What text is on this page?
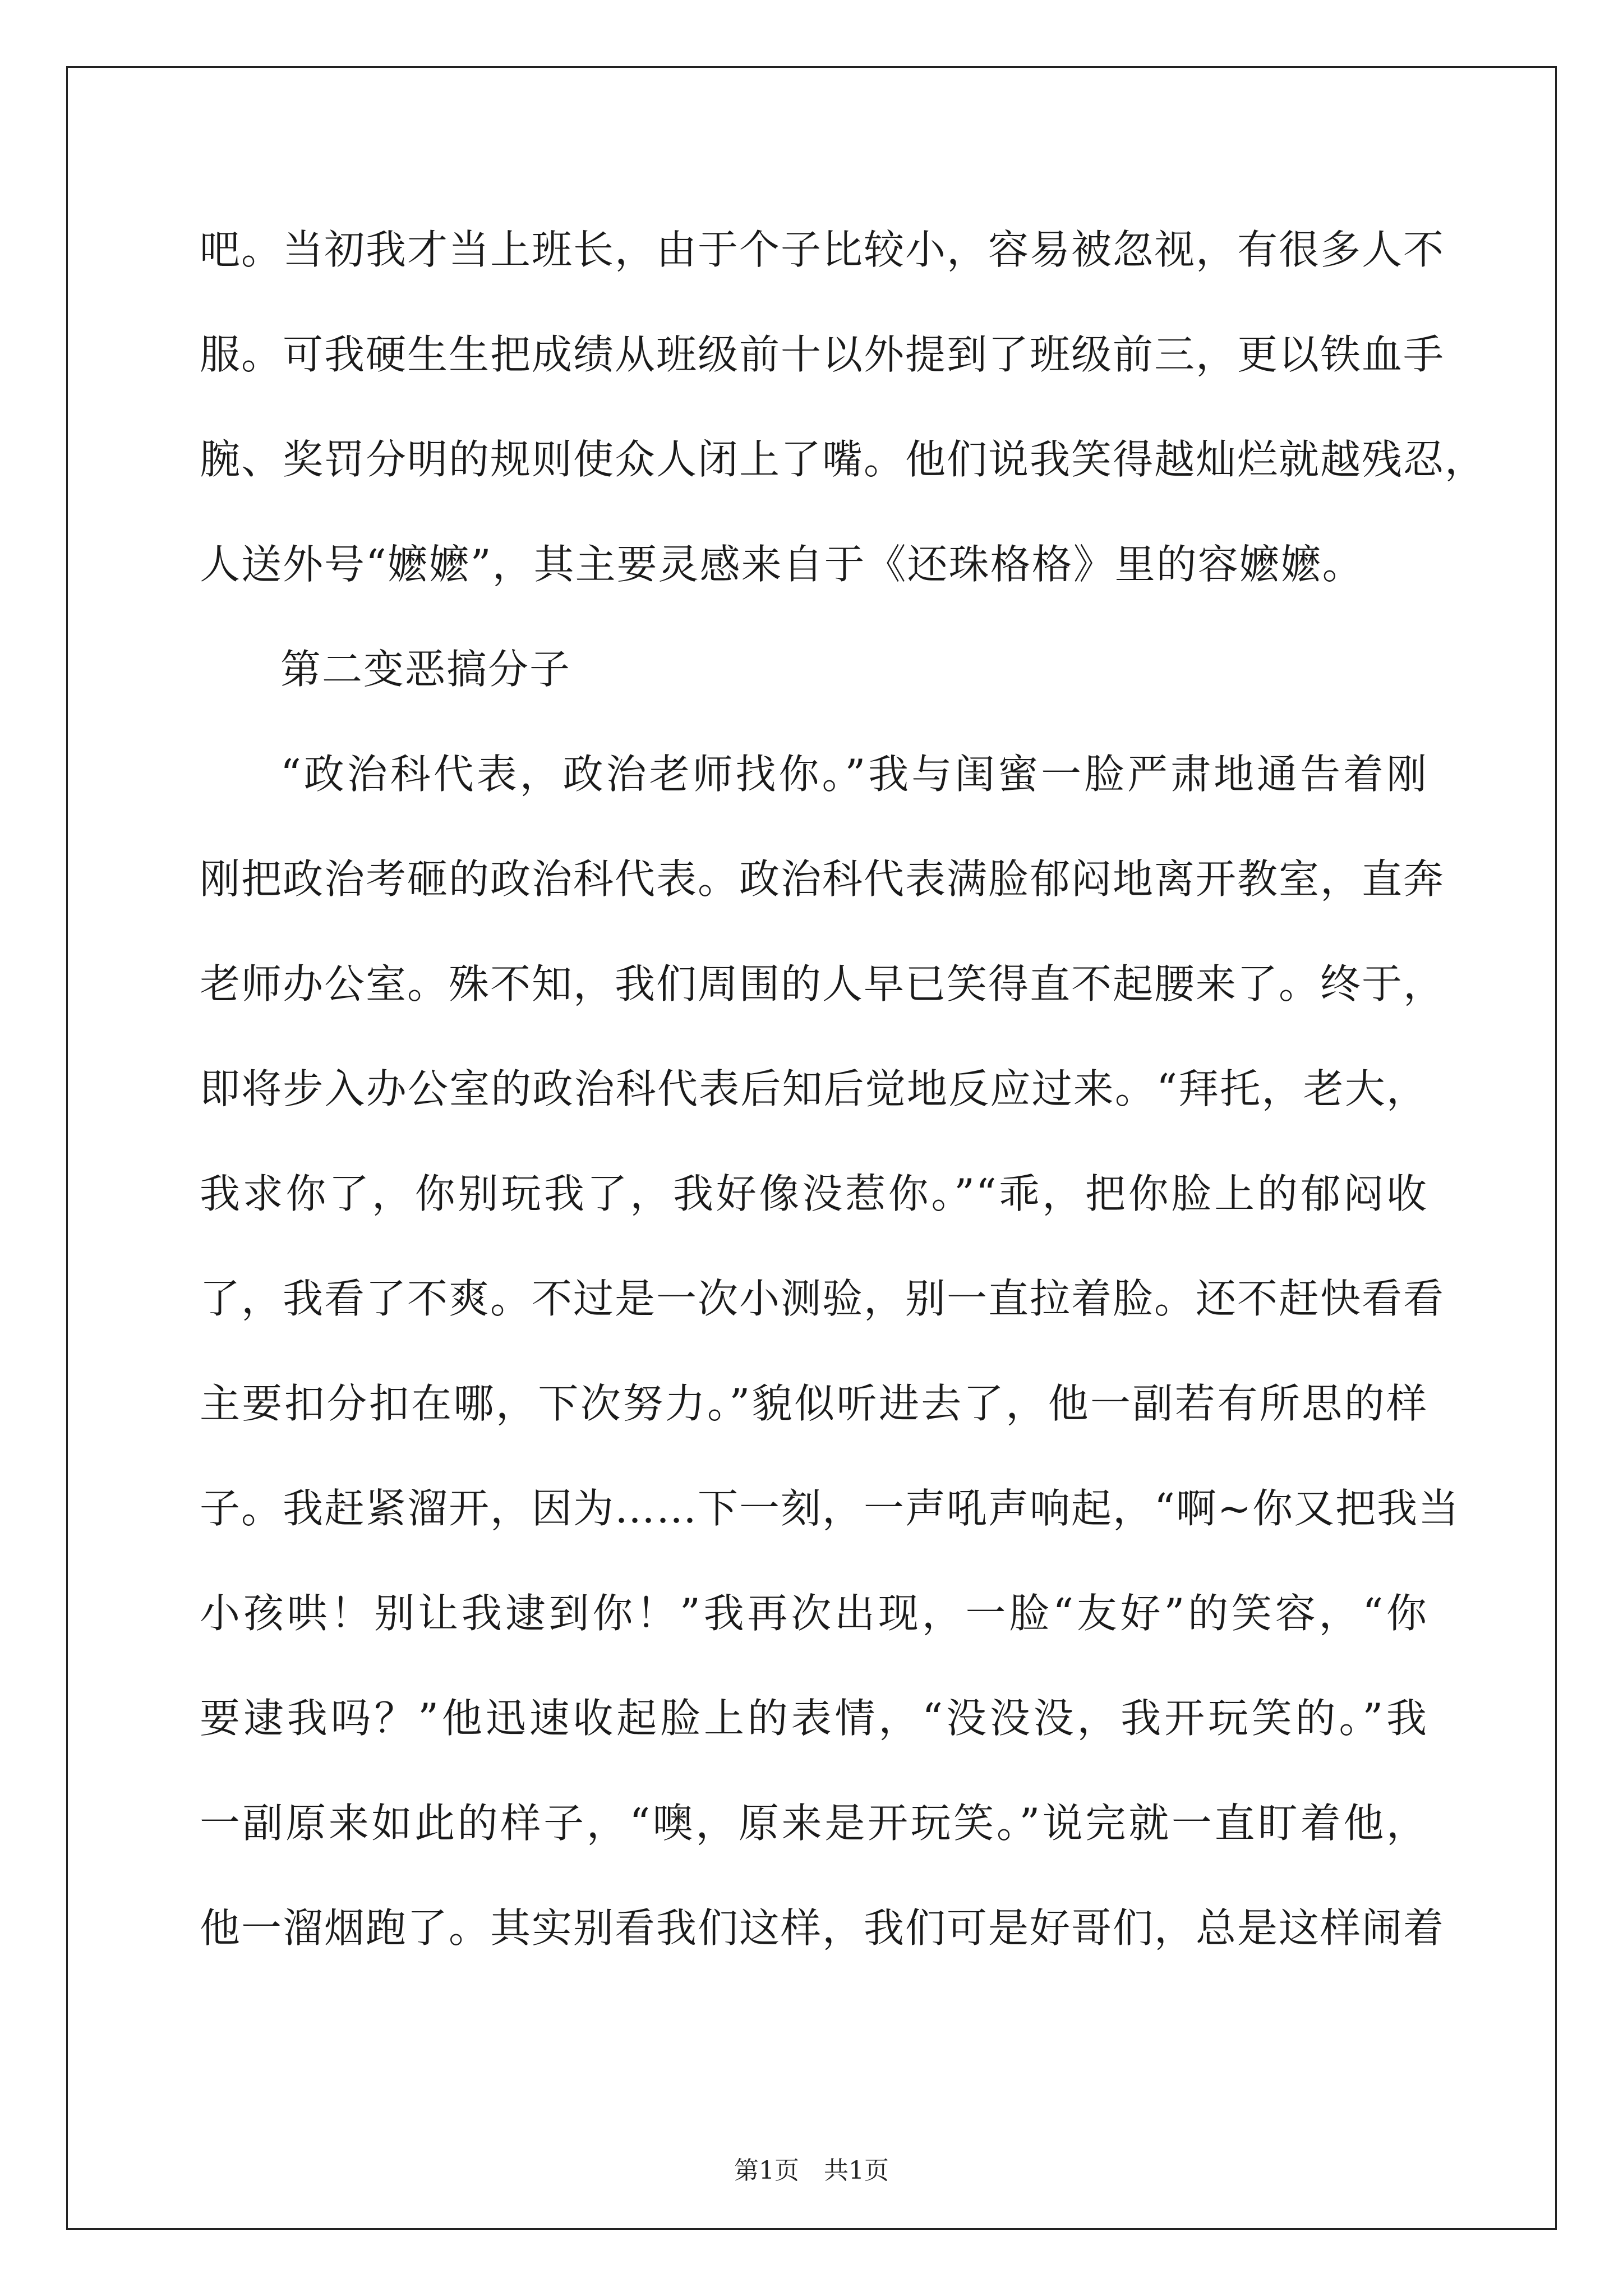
吧。当初我才当上班长，由于个子比较小，容易被忽视，有很多人不
服。可我硬生生把成绩从班级前十以外提到了班级前三，更以铁血手
腕、奖罚分明的规则使众人闭上了嘴。他们说我笑得越灿烂就越残忍，
人送外号“嬷嬷”，其主要灵感来自于《还珠格格》里的容嬷嬷。
第二变恶搞分子
“政治科代表，政治老师找你。”我与闺蜜一脸严肃地通告着刚
刚把政治考砸的政治科代表。政治科代表满脸郁闷地离开教室，直奔
老师办公室。殊不知，我们周围的人早已笑得直不起腰来了。终于，
即将步入办公室的政治科代表后知后觉地反应过来。“拜托，老大，
我求你了，你别玩我了，我好像没惹你。”“乖，把你脸上的郁闷收
了，我看了不爽。不过是一次小测验，别一直拉着脸。还不赶快看看
主要扣分扣在哪，下次努力。”貌似听进去了，他一副若有所思的样
子。我赶紧溜开，因为……下一刻，一声吼声响起，“啊~你又把我当
小孩哄！别让我逮到你！”我再次出现，一脸“友好”的笑容，“你
要逮我吗？”他迅速收起脸上的表情，“没没没，我开玩笑的。”我
一副原来如此的样子，“噢，原来是开玩笑。”说完就一直盯着他，
他一溜烟跑了。其实别看我们这样，我们可是好哥们，总是这样闹着
第1页　共1页
